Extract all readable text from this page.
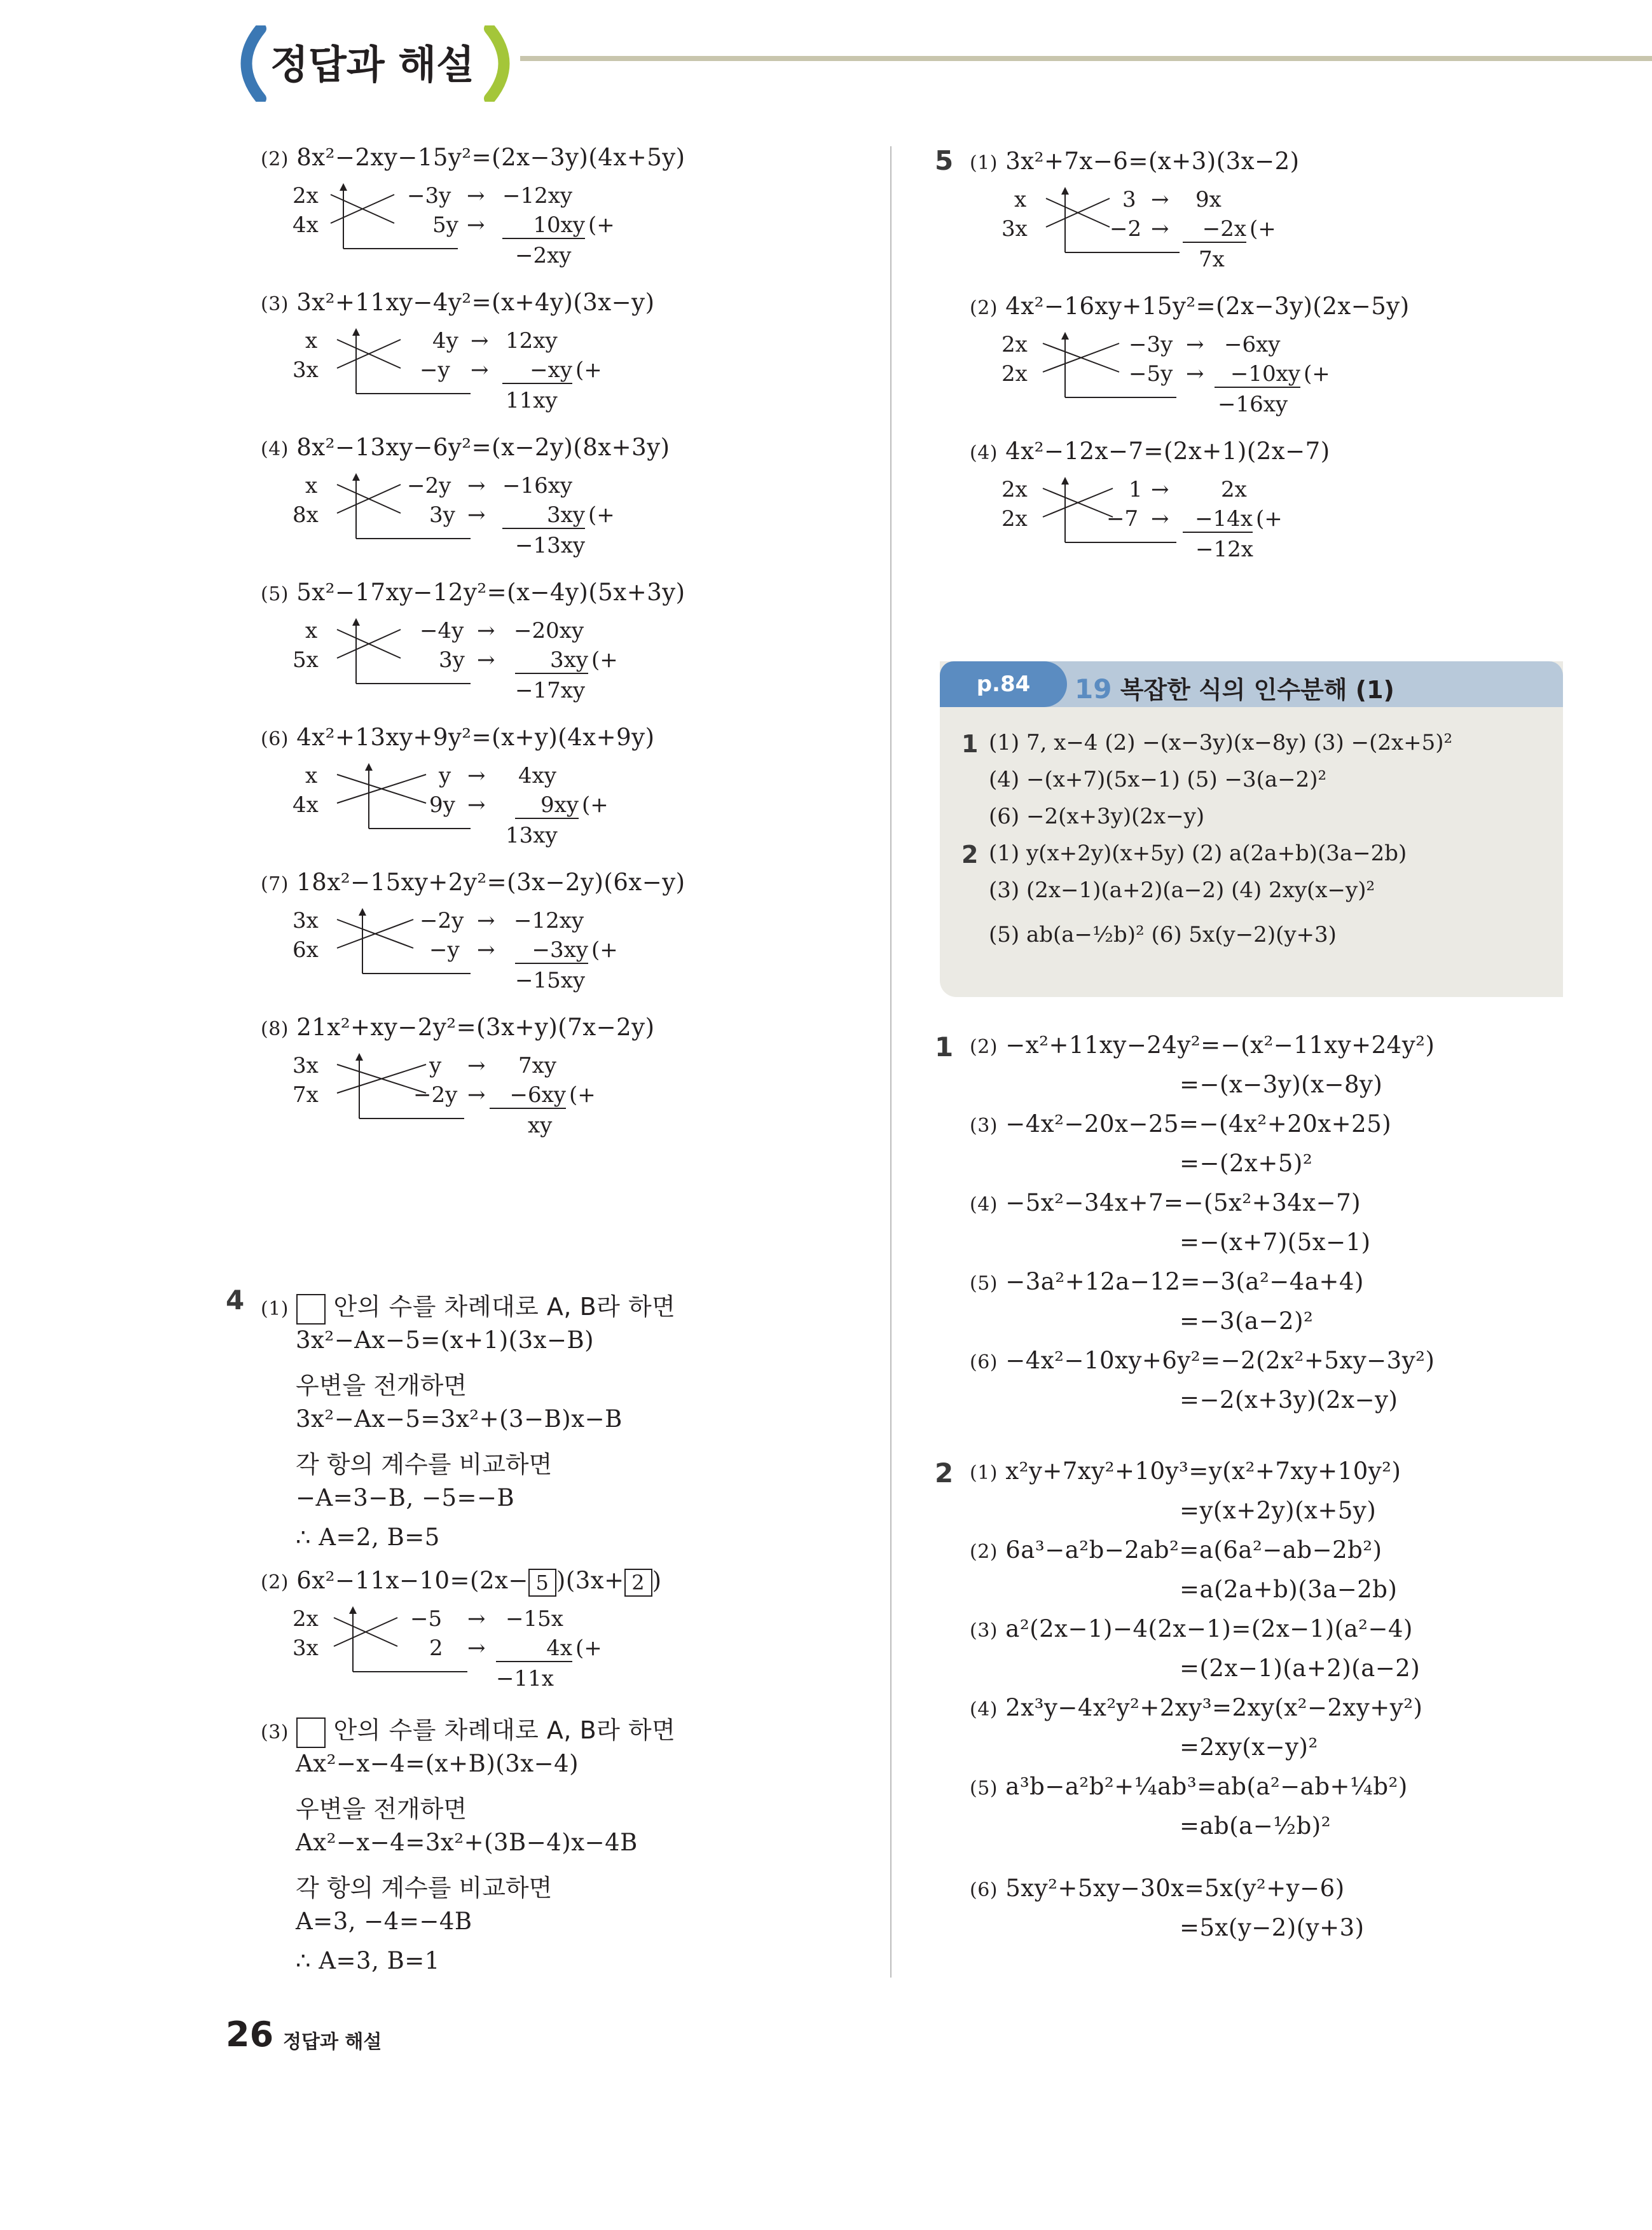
정답과 해설
(2) 8x²−2xy−15y²=(2x−3y)(4x+5y)
2x
4x
−3y
5y
→
→
−12xy
10xy (+
−2xy
(3) 3x²+11xy−4y²=(x+4y)(3x−y)
x
3x
4y
−y
→
→
12xy
−xy (+
11xy
(4) 8x²−13xy−6y²=(x−2y)(8x+3y)
x
8x
−2y
3y
→
→
−16xy
3xy (+
−13xy
(5) 5x²−17xy−12y²=(x−4y)(5x+3y)
x
5x
−4y
3y
→
→
−20xy
3xy (+
−17xy
(6) 4x²+13xy+9y²=(x+y)(4x+9y)
x
4x
y
9y
→
→
4xy
9xy (+
13xy
(7) 18x²−15xy+2y²=(3x−2y)(6x−y)
3x
6x
−2y
−y
→
→
−12xy
−3xy (+
−15xy
(8) 21x²+xy−2y²=(3x+y)(7x−2y)
3x
7x
y
−2y
→
→
7xy
−6xy (+
xy
4 (1) 안의 수를 차례대로 A, B라 하면
3x²−Ax−5=(x+1)(3x−B)
우변을 전개하면
3x²−Ax−5=3x²+(3−B)x−B
각 항의 계수를 비교하면
−A=3−B, −5=−B
∴ A=2, B=5
(2) 6x²−11x−10=(2x− 5 )(3x+ 2 )
2x
3x
−5
2
→
→
−15x
4x (+
−11x
(3) 안의 수를 차례대로 A, B라 하면
Ax²−x−4=(x+B)(3x−4)
우변을 전개하면
Ax²−x−4=3x²+(3B−4)x−4B
각 항의 계수를 비교하면
A=3, −4=−4B
∴ A=3, B=1
5 (1) 3x²+7x−6=(x+3)(3x−2)
x
3x
3
−2
→
→
9x
−2x (+
7x
(2) 4x²−16xy+15y²=(2x−3y)(2x−5y)
2x
2x
−3y
−5y
→
→
−6xy
−10xy (+
−16xy
(4) 4x²−12x−7=(2x+1)(2x−7)
2x
2x
1
−7
→
→
2x
−14x (+
−12x
p.84	19 복잡한 식의 인수분해 (1)
1 (1) 7, x−4 (2) −(x−3y)(x−8y) (3) −(2x+5)²
(4) −(x+7)(5x−1) (5) −3(a−2)²
(6) −2(x+3y)(2x−y)
2 (1) y(x+2y)(x+5y) (2) a(2a+b)(3a−2b)
(3) (2x−1)(a+2)(a−2) (4) 2xy(x−y)²
(5) ab(a−½b)² (6) 5x(y−2)(y+3)
1 (2) −x²+11xy−24y²=−(x²−11xy+24y²)
=−(x−3y)(x−8y)
(3) −4x²−20x−25=−(4x²+20x+25)
=−(2x+5)²
(4) −5x²−34x+7=−(5x²+34x−7)
=−(x+7)(5x−1)
(5) −3a²+12a−12=−3(a²−4a+4)
=−3(a−2)²
(6) −4x²−10xy+6y²=−2(2x²+5xy−3y²)
=−2(x+3y)(2x−y)
2 (1) x²y+7xy²+10y³=y(x²+7xy+10y²)
=y(x+2y)(x+5y)
(2) 6a³−a²b−2ab²=a(6a²−ab−2b²)
=a(2a+b)(3a−2b)
(3) a²(2x−1)−4(2x−1)=(2x−1)(a²−4)
=(2x−1)(a+2)(a−2)
(4) 2x³y−4x²y²+2xy³=2xy(x²−2xy+y²)
=2xy(x−y)²
(5) a³b−a²b²+¼ab³=ab(a²−ab+¼b²)
=ab(a−½b)²
(6) 5xy²+5xy−30x=5x(y²+y−6)
=5x(y−2)(y+3)
26 정답과 해설
